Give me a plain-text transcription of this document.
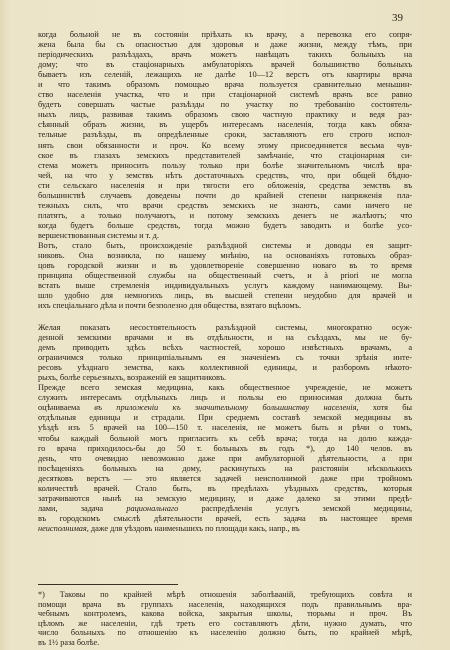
39
когда больной не въ состояніи пріѣхать къ врачу, а перевозка его сопря-
жена была бы съ опасностью для здоровья и даже жизни, между тѣмъ, при
періодическихъ разъѣздахъ, врачъ можетъ навѣщать такихъ больныхъ на
дому; что въ стаціонарныхъ амбулаторіяхъ врачей большинство больныхъ
бываетъ изъ селеній, лежащихъ не далѣе 10—12 верстъ отъ квартиры врача
и что такимъ образомъ помощью врача пользуется сравнительно меньшин-
ство населенія участка, что и при стаціонарной системѣ врачъ все равно
будетъ совершать частые разъѣзды по участку по требованію состоятель-
ныхъ лицъ, развивая такимъ образомъ свою частную практику и ведя раз-
сѣянный образъ жизни, въ ущербъ интересамъ населенія, тогда какъ обяза-
тельные разъѣзды, въ опредѣленные сроки, заставляютъ его строго испол-
нять свои обязанности и проч. Ко всему этому присоединяется весьма чув-
ское въ глазахъ земскихъ представителей замѣчаніе, что стаціонарная си-
стема можетъ приносить пользу только при болѣе значительномъ числѣ вра-
чей, на что у земствъ нѣтъ достаточныхъ средствъ, что, при общей бѣдно-
сти сельскаго населенія и при тягости его обложенія, средства земствъ въ
большинствѣ случаевъ доведены почти до крайней степени напряженія пла-
тежныхъ силъ, что врачи средствъ земскихъ не знаютъ, сами ничего не
платятъ, а только получаютъ, и потому земскихъ денегъ не жалѣютъ; что
когда будетъ больше средствъ, тогда можно будетъ заводить и болѣе усо-
вершенствованныя системы и т. д.
Вотъ, стало быть, происхожденіе разъѣздной системы и доводы ея защит-
никовъ. Она возникла, по нашему мнѣнію, на основаніяхъ готовыхъ образ-
цовъ городской жизни и въ удовлетвореніе совершенно новаго въ то время
принципа общественной службы на общественный счетъ, и à priori не могла
встать выше стремленія индивидуальныхъ услугъ каждому нанимающему. Вы-
шло удобно для немногихъ лицъ, въ высшей степени неудобно для врачей и
ихъ спеціальнаго дѣла и почти безполезно для общества, взятаго вцѣломъ.
Желая показать несостоятельность разъѣздной системы, многократно осуж-
денной земскими врачами и въ отдѣльности, и на съѣздахъ, мы не бу-
демъ приводить здѣсь всѣхъ частностей, хорошо извѣстныхъ врачамъ, а
ограничимся только принципіальнымъ ея значеніемъ съ точки зрѣнія инте-
ресовъ уѣзднаго земства, какъ коллективной единицы, и разборомъ нѣкото-
рыхъ, болѣе серьезныхъ, возраженій ея защитниковъ.
Прежде всего земская медицина, какъ общественное учрежденіе, не можетъ
служить интересамъ отдѣльныхъ лицъ и пользы ею приносимая должна быть
оцѣниваема въ приложеніи къ значительному большинству населенія, хотя бы
отдѣльныя единицы и страдали. При среднемъ составѣ земской медицины въ
уѣздѣ изъ 5 врачей на 100—150 т. населенія, не можетъ быть и рѣчи о томъ,
чтобы каждый больной могъ пригласить къ себѣ врача; тогда на долю кажда-
го врача приходилось-бы до 50 т. больныхъ въ годъ *), до 140 челов. въ
день, что очевидно невозможно даже при амбулаторной дѣятельности, а при
посѣщеніяхъ больныхъ на дому, раскинутыхъ на разстояніи нѣсколькихъ
десятковъ верстъ — это является задачей неисполнимой даже при тройномъ
количествѣ врачей. Стало быть, въ предѣлахъ уѣздныхъ средствъ, которыя
затрачиваются нынѣ на земскую медицину, и даже далеко за этими предѣ-
лами, задача рациональнаго распредѣленія услугъ земской медицины,
въ городскомъ смыслѣ дѣятельности врачей, есть задача въ настоящее время
неисполнимая, даже для уѣздовъ наименьшихъ по площади какъ, напр., въ
*) Таковы по крайней мѣрѣ отношенія заболѣваній, требующихъ совѣта и
помощи врача въ группахъ населенія, находящихся подъ правильнымъ вра-
чебнымъ контролемъ, какова войска, закрытыя школы, тюрьмы и проч. Въ
цѣломъ же населеніи, гдѣ треть его составляютъ дѣти, нужно думать, что
число больныхъ по отношенію къ населенію должно быть, по крайней мѣрѣ,
въ 1½ раза болѣе.
